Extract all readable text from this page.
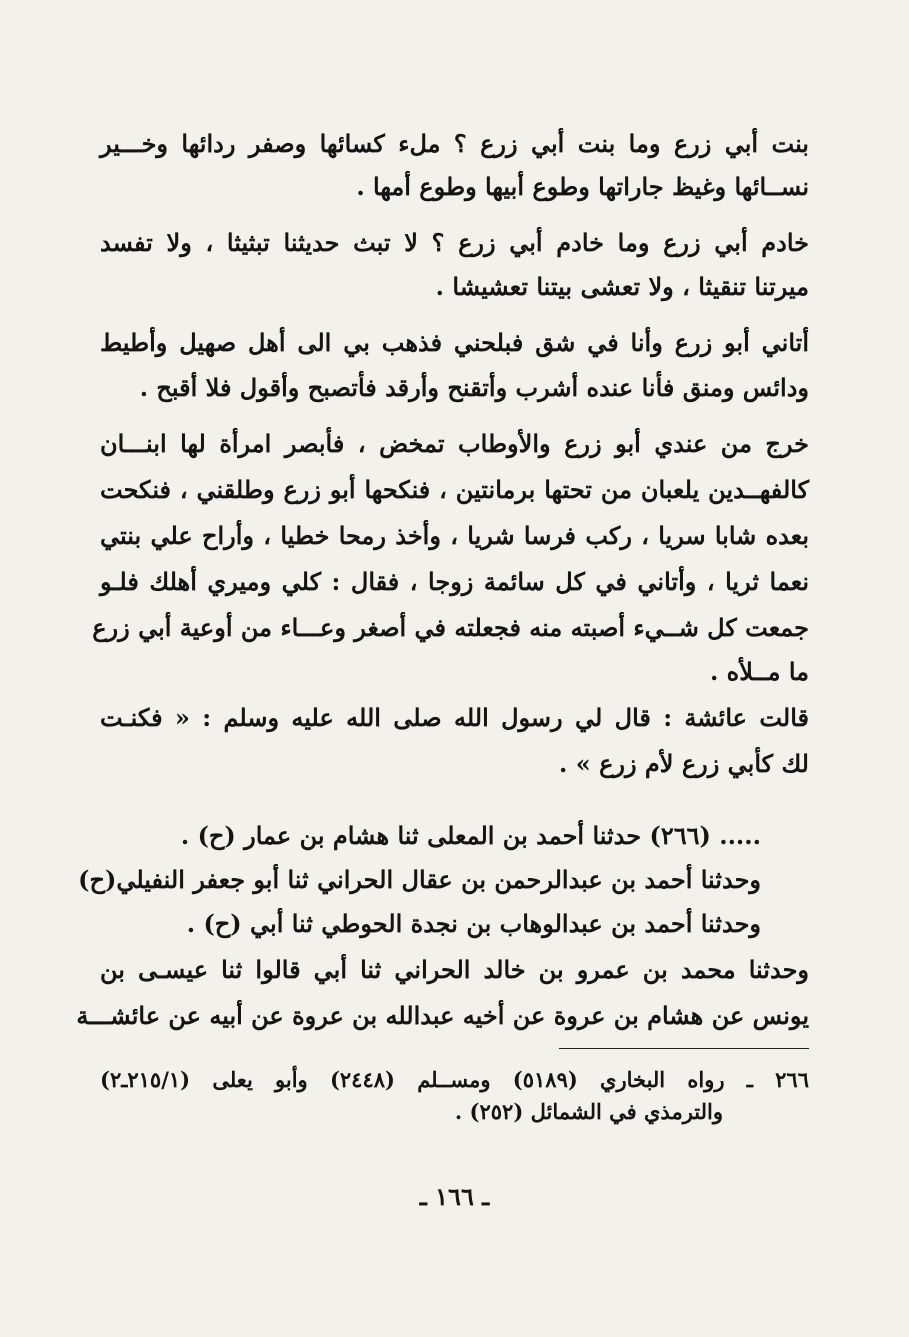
بنت أبي زرع وما بنت أبي زرع ؟ ملء كسائها وصفر ردائها وخـــير
نســائها وغيظ جاراتها وطوع أبيها وطوع أمها .
خادم أبي زرع وما خادم أبي زرع ؟ لا تبث حديثنا تبثيثا ، ولا تفسد
ميرتنا تنقيثا ، ولا تعشى بيتنا تعشيشا .
أتاني أبو زرع وأنا في شق فبلحني فذهب بي الى أهل صهيل وأطيط
ودائس ومنق فأنا عنده أشرب وأتقنح وأرقد فأتصبح وأقول فلا أقبح .
خرج من عندي أبو زرع والأوطاب تمخض ، فأبصر امرأة لها ابنـــان
كالفهــدين يلعبان من تحتها برمانتين ، فنكحها أبو زرع وطلقني ، فنكحت
بعده شابا سريا ، ركب فرسا شريا ، وأخذ رمحا خطيا ، وأراح علي بنتي
نعما ثريا ، وأتاني في كل سائمة زوجا ، فقال : كلي وميري أهلك فلـو
جمعت كل شــيء أصبته منه فجعلته في أصغر وعـــاء من أوعية أبي زرع
ما مــلأه .
قالت عائشة : قال لي رسول الله صلى الله عليه وسلم : « فكنـت
لك كأبي زرع لأم زرع » .
..... (٢٦٦) حدثنا أحمد بن المعلى ثنا هشام بن عمار (ح) .
وحدثنا أحمد بن عبدالرحمن بن عقال الحراني ثنا أبو جعفر النفيلي(ح)
وحدثنا أحمد بن عبدالوهاب بن نجدة الحوطي ثنا أبي (ح) .
وحدثنا محمد بن عمرو بن خالد الحراني ثنا أبي قالوا ثنا عيسـى بن
يونس عن هشام بن عروة عن أخيه عبدالله بن عروة عن أبيه عن عائشـــة
٢٦٦ ـ رواه البخاري (٥١٨٩) ومســلم (٢٤٤٨) وأبو يعلى (٢١٥/١ـ٢)
والترمذي في الشمائل (٢٥٢) .
ـ ١٦٦ ـ
